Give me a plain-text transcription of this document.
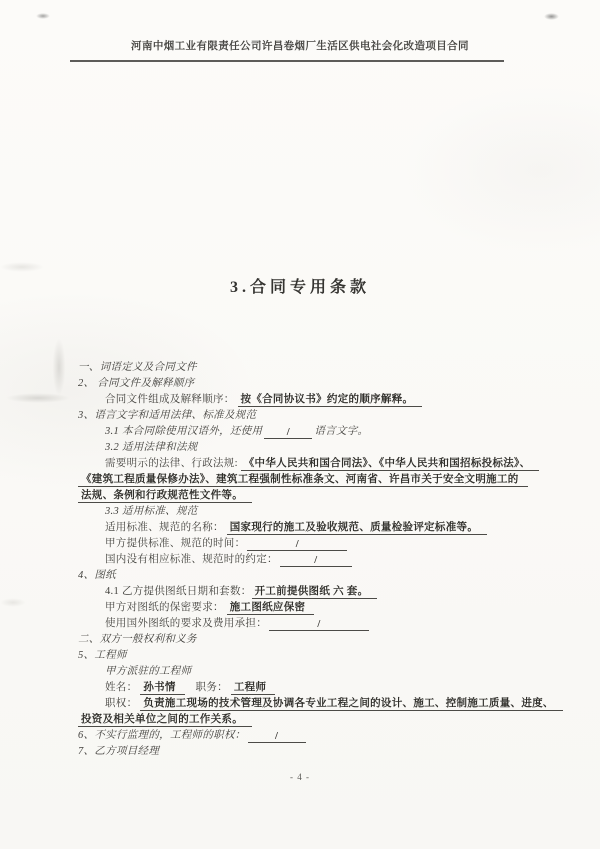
河南中烟工业有限责任公司许昌卷烟厂生活区供电社会化改造项目合同
3.合同专用条款
一、词语定义及合同文件
2、 合同文件及解释顺序
合同文件组成及解释顺序： 按《合同协议书》约定的顺序解释。
3、语言文字和适用法律、标准及规范
3.1 本合同除使用汉语外，还使用 / 语言文字。
3.2 适用法律和法规
需要明示的法律、行政法规: 《中华人民共和国合同法》、《中华人民共和国招标投标法》、
《建筑工程质量保修办法》、建筑工程强制性标准条文、河南省、许昌市关于安全文明施工的
法规、条例和行政规范性文件等。
3.3 适用标准、规范
适用标准、规范的名称： 国家现行的施工及验收规范、质量检验评定标准等。
甲方提供标准、规范的时间：	/
国内没有相应标准、规范时的约定：	/
4、图纸
4.1 乙方提供图纸日期和套数： 开工前提供图纸 六 套。
甲方对图纸的保密要求： 施工图纸应保密
使用国外图纸的要求及费用承担：	/
二、双方一般权利和义务
5、工程师
甲方派驻的工程师
姓名： 孙书情　职务： 工程师
职权： 负责施工现场的技术管理及协调各专业工程之间的设计、施工、控制施工质量、进度、
投资及相关单位之间的工作关系。
6、不实行监理的，工程师的职权：	/
7、乙方项目经理
- 4 -
